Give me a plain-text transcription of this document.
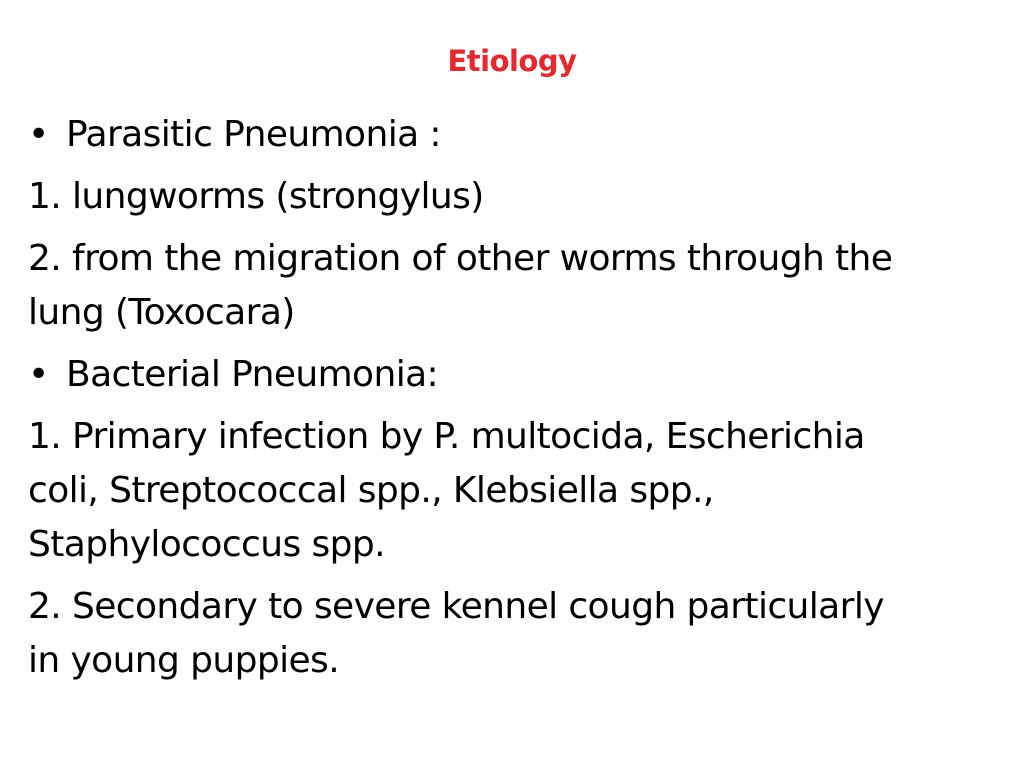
Etiology
• Parasitic Pneumonia :
1. lungworms (strongylus)
2. from the migration of other worms through the
lung (Toxocara)
• Bacterial Pneumonia:
1. Primary infection by P. multocida, Escherichia
coli, Streptococcal spp., Klebsiella spp.,
Staphylococcus spp.
2. Secondary to severe kennel cough particularly
in young puppies.
